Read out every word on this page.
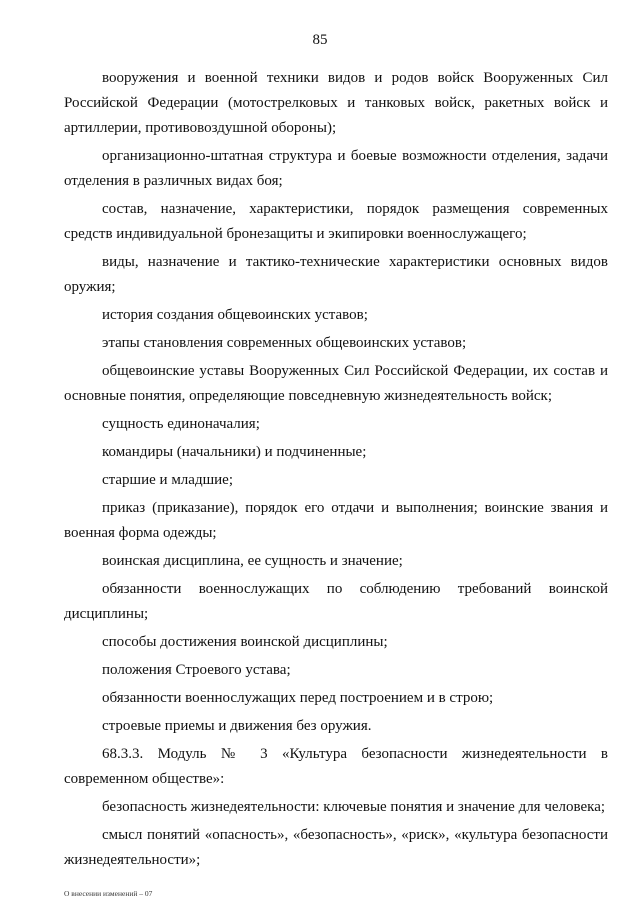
85

вооружения и военной техники видов и родов войск Вооруженных Сил Российской Федерации (мотострелковых и танковых войск, ракетных войск и артиллерии, противовоздушной обороны);

организационно-штатная структура и боевые возможности отделения, задачи отделения в различных видах боя;

состав, назначение, характеристики, порядок размещения современных средств индивидуальной бронезащиты и экипировки военнослужащего;

виды, назначение и тактико-технические характеристики основных видов оружия;

история создания общевоинских уставов;

этапы становления современных общевоинских уставов;

общевоинские уставы Вооруженных Сил Российской Федерации, их состав и основные понятия, определяющие повседневную жизнедеятельность войск;

сущность единоначалия;

командиры (начальники) и подчиненные;

старшие и младшие;

приказ (приказание), порядок его отдачи и выполнения; воинские звания и военная форма одежды;

воинская дисциплина, ее сущность и значение;

обязанности военнослужащих по соблюдению требований воинской дисциплины;

способы достижения воинской дисциплины;

положения Строевого устава;

обязанности военнослужащих перед построением и в строю;

строевые приемы и движения без оружия.

68.3.3. Модуль № 3 «Культура безопасности жизнедеятельности в современном обществе»:

безопасность жизнедеятельности: ключевые понятия и значение для человека;

смысл понятий «опасность», «безопасность», «риск», «культура безопасности жизнедеятельности»;

О внесении изменений – 07
